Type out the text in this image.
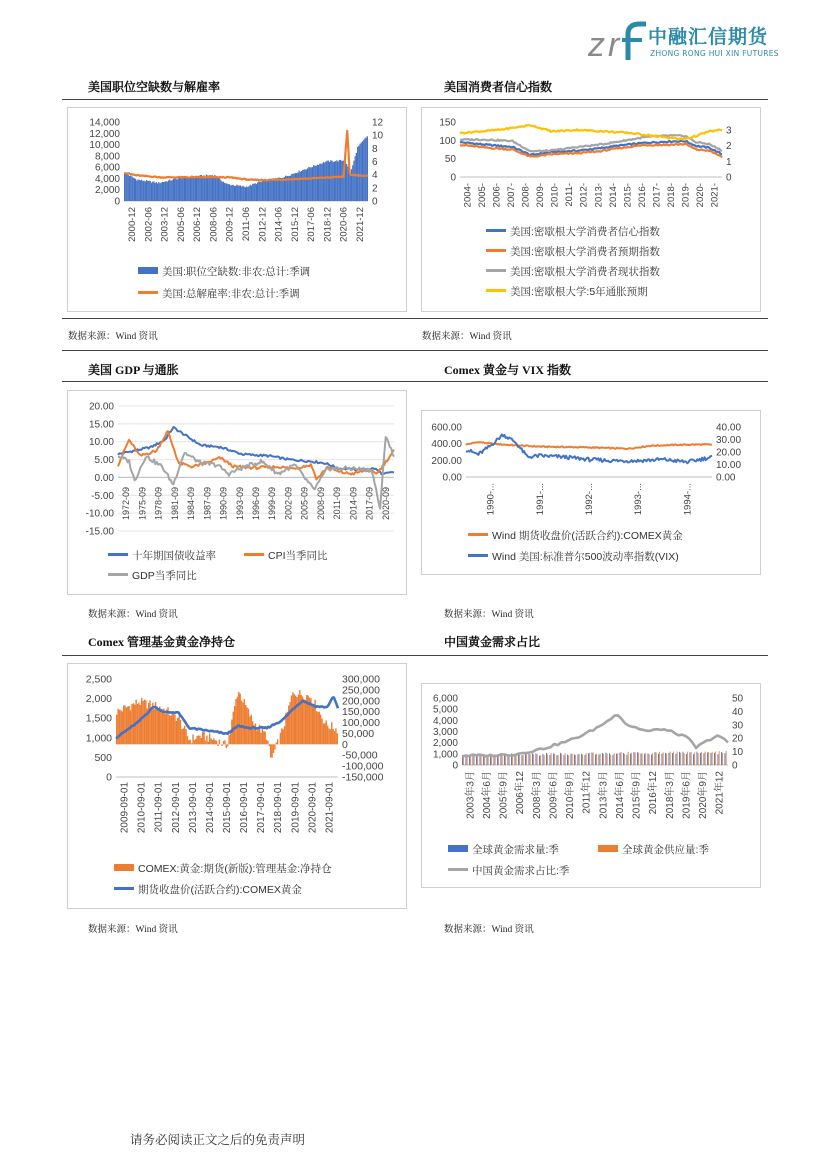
z r 中融汇信期货
ZHONG RONG HUI XIN FUTURES
美国职位空缺数与解雇率	美国消费者信心指数
美国 GDP 与通胀	Comex 黄金与 VIX 指数
Comex 管理基金黄金净持仓	中国黄金需求占比
数据来源：Wind 资讯	数据来源：Wind 资讯
数据来源：Wind 资讯	数据来源：Wind 资讯
数据来源：Wind 资讯	数据来源：Wind 资讯
0
2,000
4,000
6,000
8,000
10,000
12,000
14,000
0
2
4
6
8
10
12
2000-12 2002-06 2003-12 2005-06 2006-12 2008-06 2009-12 2011-06 2012-12 2014-06 2015-12 2017-06 2018-12 2020-06 2021-12
美国:职位空缺数:非农:总计:季调
美国:总解雇率:非农:总计:季调
0
50
100
150
0
1
2
3
2004- 2005- 2006- 2007- 2008- 2009- 2010- 2011- 2012- 2013- 2014- 2015- 2016- 2017- 2018- 2019- 2020- 2021-
美国:密歇根大学消费者信心指数
美国:密歇根大学消费者预期指数
美国:密歇根大学消费者现状指数
美国:密歇根大学:5年通胀预期
-15.00
-10.00
-5.00
0.00
5.00
10.00
15.00
20.00
1972-09 1975-09 1978-09 1981-09 1984-09 1987-09 1990-09 1993-09 1996-09 1999-09 2002-09 2005-09 2008-09 2011-09 2014-09 2017-09 2020-09
十年期国债收益率	CPI当季同比
GDP当季同比
0.00
200.00
400.00
600.00
0.00
10.00
20.00
30.00
40.00
1990-...	1991-...	1992-...	1993-...	1994-...
Wind 期货收盘价(活跃合约):COMEX黄金
Wind 美国:标准普尔500波动率指数(VIX)
0
500
1,000
1,500
2,000
2,500
-150,000
-100,000
-50,000
0
50,000
100,000
150,000
200,000
250,000
300,000
2009-09-01 2010-09-01 2011-09-01 2012-09-01 2013-09-01 2014-09-01 2015-09-01 2016-09-01 2017-09-01 2018-09-01 2019-09-01 2020-09-01 2021-09-01
COMEX:黄金:期货(新版):管理基金:净持仓
期货收盘价(活跃合约):COMEX黄金
0
1,000
2,000
3,000
4,000
5,000
6,000
0
10
20
30
40
50
2003年3月 2004年6月 2005年9月 2006年12 2008年3月 2009年6月 2010年9月 2011年12 2013年3月 2014年6月 2015年9月 2016年12 2018年3月 2019年6月 2020年9月 2021年12
全球黄金需求量:季	全球黄金供应量:季
中国黄金需求占比:季
请务必阅读正文之后的免责声明
